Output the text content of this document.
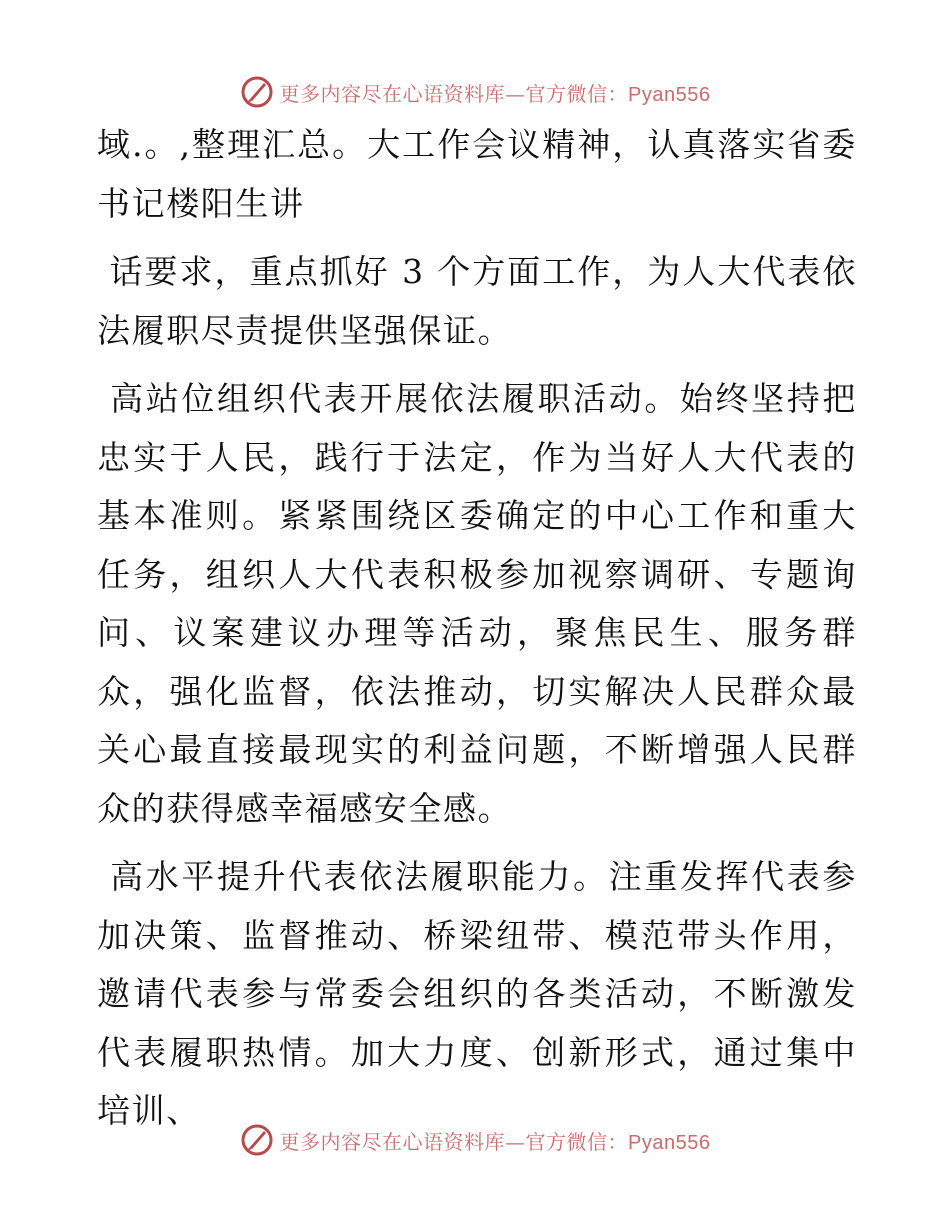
更多内容尽在心语资料库—官方微信：Pyan556

域.。,整理汇总。大工作会议精神，认真落实省委书记楼阳生讲

话要求，重点抓好 3 个方面工作，为人大代表依法履职尽责提供坚强保证。

高站位组织代表开展依法履职活动。始终坚持把忠实于人民，践行于法定，作为当好人大代表的基本准则。紧紧围绕区委确定的中心工作和重大任务，组织人大代表积极参加视察调研、专题询问、议案建议办理等活动，聚焦民生、服务群众，强化监督，依法推动，切实解决人民群众最关心最直接最现实的利益问题，不断增强人民群众的获得感幸福感安全感。

高水平提升代表依法履职能力。注重发挥代表参加决策、监督推动、桥梁纽带、模范带头作用，邀请代表参与常委会组织的各类活动，不断激发代表履职热情。加大力度、创新形式，通过集中培训、

更多内容尽在心语资料库—官方微信：Pyan556
